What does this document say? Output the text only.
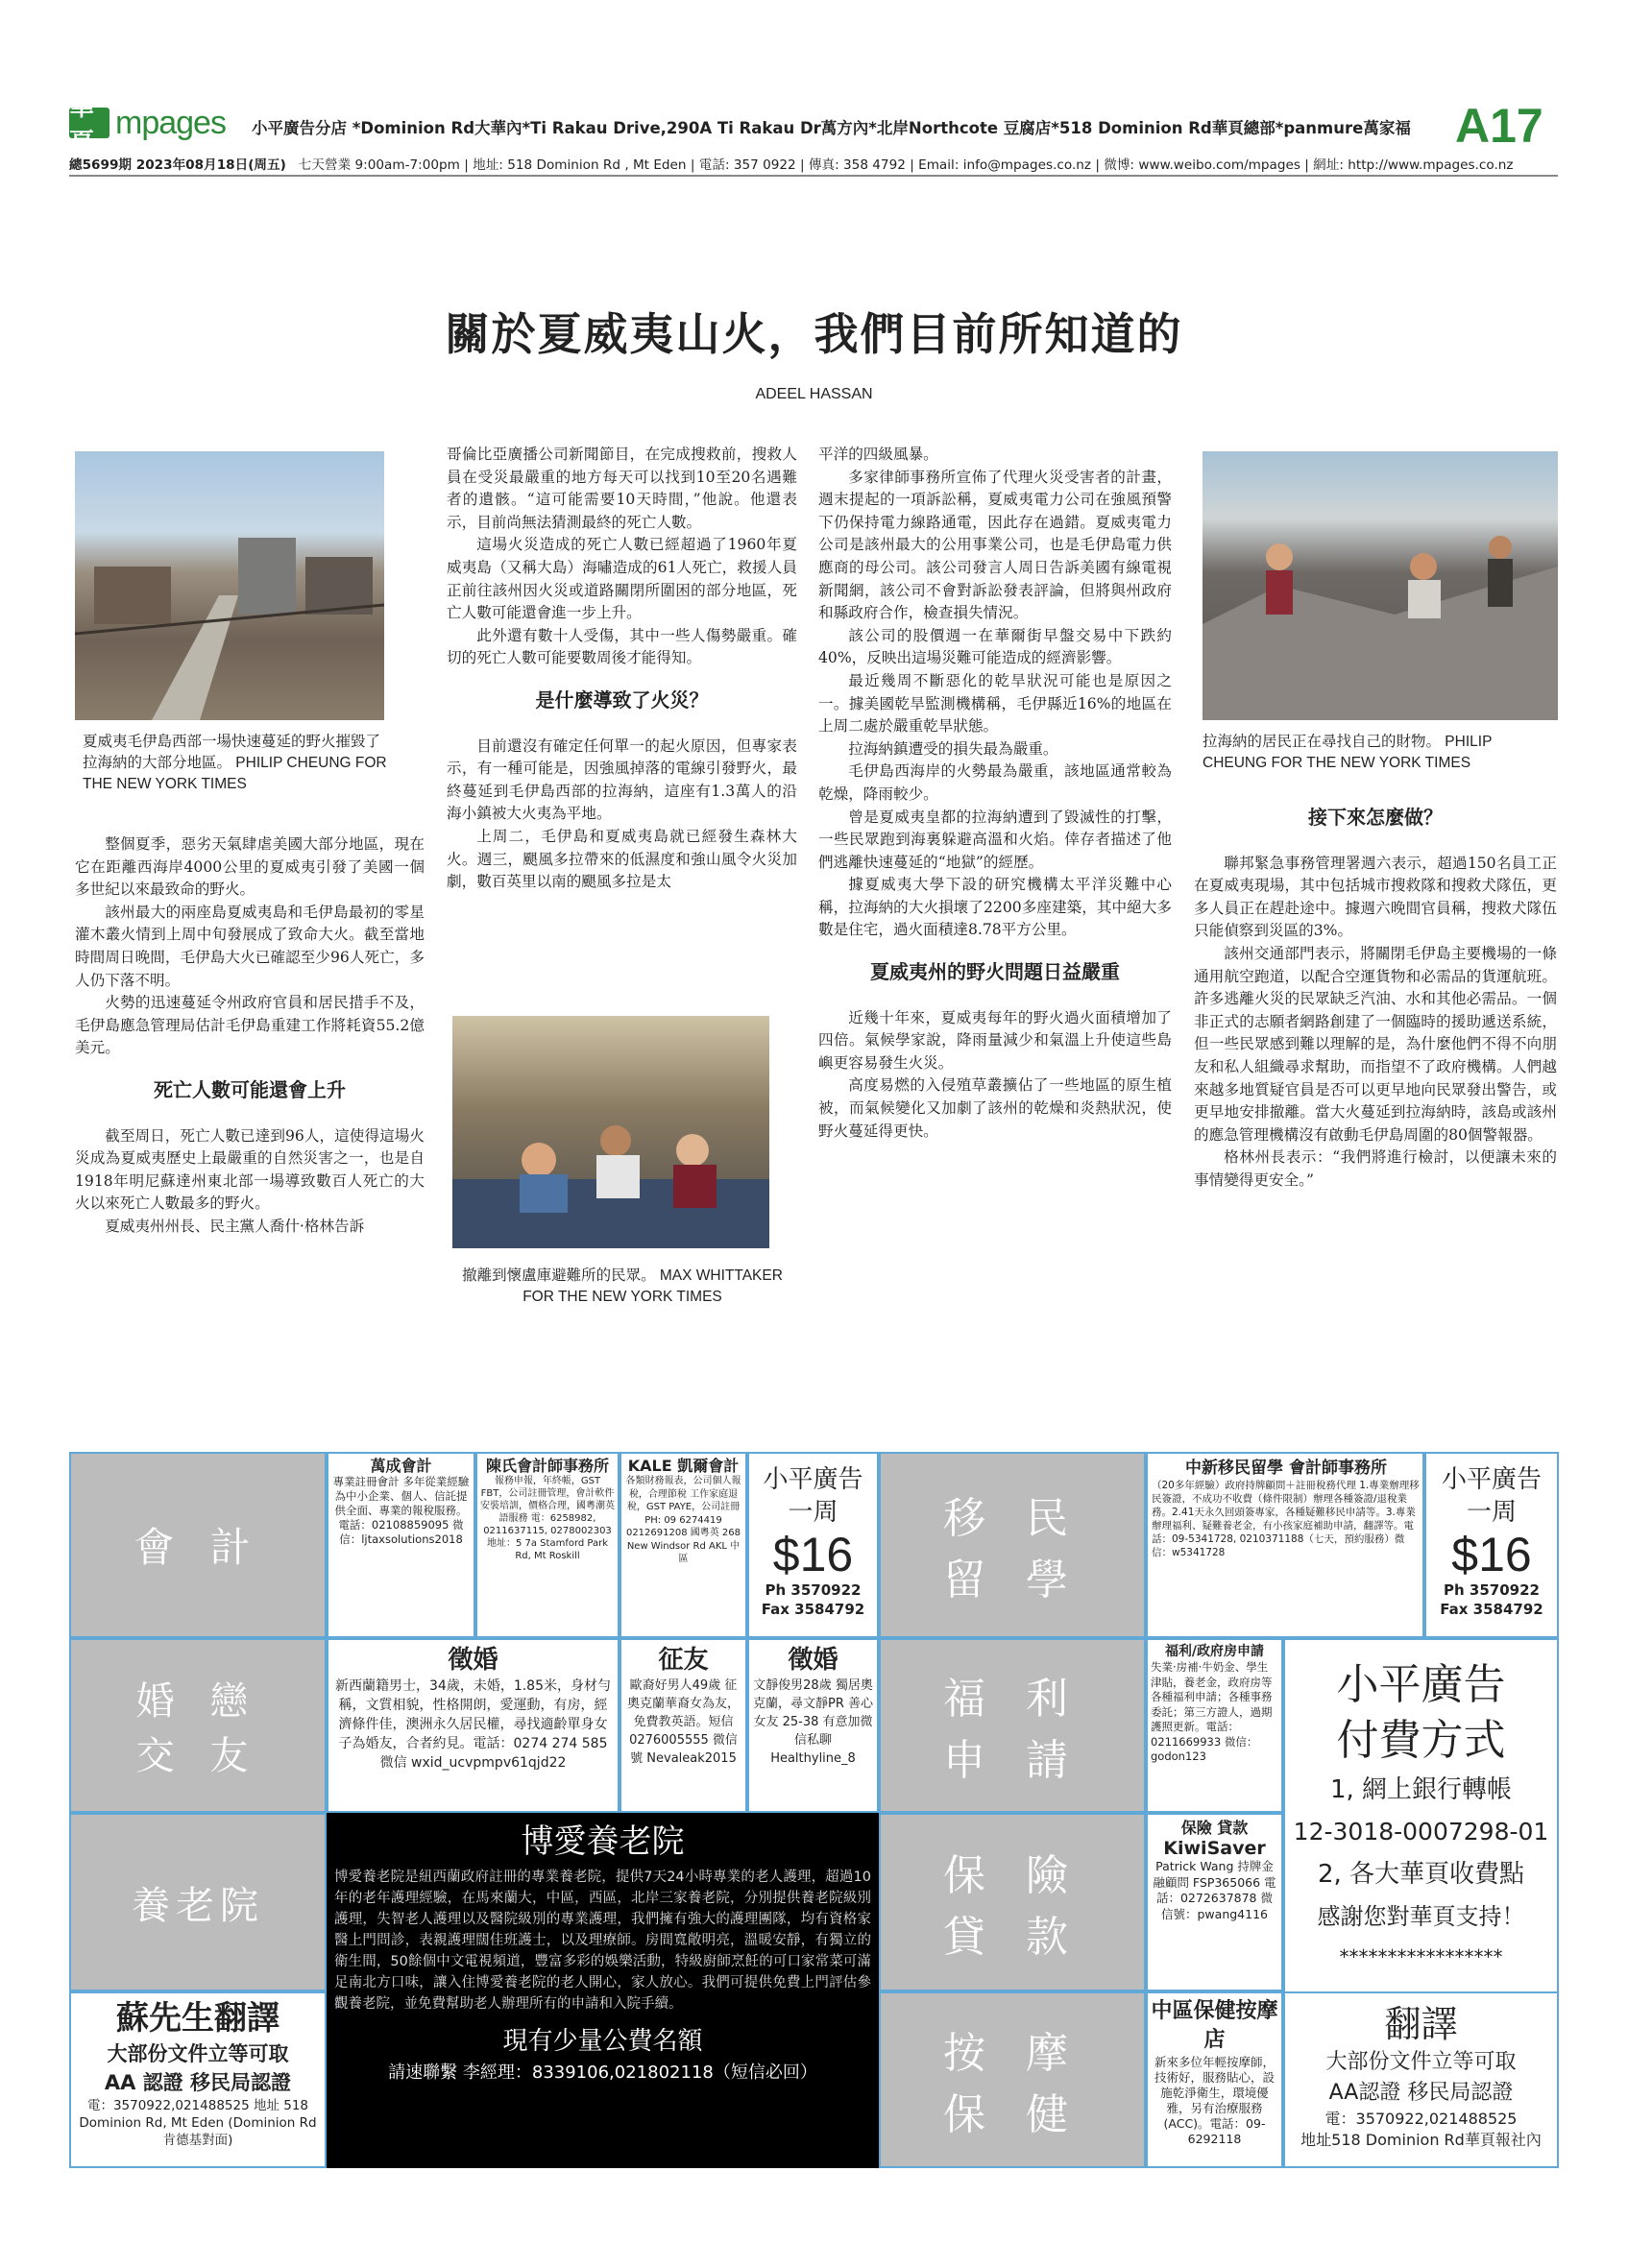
華頁
mpages 小平廣告分店 *Dominion Rd大華內*Ti Rakau Drive,290A Ti Rakau Dr萬方內*北岸Northcote 豆腐店*518 Dominion Rd華頁總部*panmure萬家福 A17
總5699期 2023年08月18日(周五) 七天營業 9:00am-7:00pm | 地址: 518 Dominion Rd , Mt Eden | 電話: 357 0922 | 傳真: 358 4792 | Email: info@mpages.co.nz | 微博: www.weibo.com/mpages | 網址: http://www.mpages.co.nz
關於夏威夷山火，我們目前所知道的
ADEEL HASSAN
夏威夷毛伊島西部一場快速蔓延的野火摧毀了拉海納的大部分地區。 PHILIP CHEUNG FOR THE NEW YORK TIMES
撤離到懷盧庫避難所的民眾。 MAX WHITTAKER FOR THE NEW YORK TIMES
拉海納的居民正在尋找自己的財物。 PHILIP CHEUNG FOR THE NEW YORK TIMES

整個夏季，惡劣天氣肆虐美國大部分地區，現在它在距離西海岸4000公里的夏威夷引發了美國一個多世紀以來最致命的野火。

該州最大的兩座島夏威夷島和毛伊島最初的零星灌木叢火情到上周中旬發展成了致命大火。截至當地時間周日晚間，毛伊島大火已確認至少96人死亡，多人仍下落不明。

火勢的迅速蔓延令州政府官員和居民措手不及，毛伊島應急管理局估計毛伊島重建工作將耗資55.2億美元。

死亡人數可能還會上升

截至周日，死亡人數已達到96人，這使得這場火災成為夏威夷歷史上最嚴重的自然災害之一，也是自1918年明尼蘇達州東北部一場導致數百人死亡的大火以來死亡人數最多的野火。

夏威夷州州長、民主黨人喬什·格林告訴

哥倫比亞廣播公司新聞節目，在完成搜救前，搜救人員在受災最嚴重的地方每天可以找到10至20名遇難者的遺骸。“這可能需要10天時間，”他說。他還表示，目前尚無法猜測最終的死亡人數。

這場火災造成的死亡人數已經超過了1960年夏威夷島（又稱大島）海嘯造成的61人死亡，救援人員正前往該州因火災或道路關閉所圍困的部分地區，死亡人數可能還會進一步上升。

此外還有數十人受傷，其中一些人傷勢嚴重。確切的死亡人數可能要數周後才能得知。

是什麼導致了火災？

目前還沒有確定任何單一的起火原因，但專家表示，有一種可能是，因強風掉落的電線引發野火，最終蔓延到毛伊島西部的拉海納，這座有1.3萬人的沿海小鎮被大火夷為平地。

上周二，毛伊島和夏威夷島就已經發生森林大火。週三，颶風多拉帶來的低濕度和強山風令火災加劇，數百英里以南的颶風多拉是太

平洋的四級風暴。

多家律師事務所宣佈了代理火災受害者的計畫，週末提起的一項訴訟稱，夏威夷電力公司在強風預警下仍保持電力線路通電，因此存在過錯。夏威夷電力公司是該州最大的公用事業公司，也是毛伊島電力供應商的母公司。該公司發言人周日告訴美國有線電視新聞網，該公司不會對訴訟發表評論，但將與州政府和縣政府合作，檢查損失情況。

該公司的股價週一在華爾街早盤交易中下跌約40%，反映出這場災難可能造成的經濟影響。

最近幾周不斷惡化的乾旱狀況可能也是原因之一。據美國乾旱監測機構稱，毛伊縣近16%的地區在上周二處於嚴重乾旱狀態。

拉海納鎮遭受的損失最為嚴重。

毛伊島西海岸的火勢最為嚴重，該地區通常較為乾燥，降雨較少。

曾是夏威夷皇都的拉海納遭到了毀滅性的打擊，一些民眾跑到海裏躲避高溫和火焰。倖存者描述了他們逃離快速蔓延的“地獄”的經歷。

據夏威夷大學下設的研究機構太平洋災難中心稱，拉海納的大火損壞了2200多座建築，其中絕大多數是住宅，過火面積達8.78平方公里。

夏威夷州的野火問題日益嚴重

近幾十年來，夏威夷每年的野火過火面積增加了四倍。氣候學家說，降雨量減少和氣溫上升使這些島嶼更容易發生火災。

高度易燃的入侵殖草叢擴佔了一些地區的原生植被，而氣候變化又加劇了該州的乾燥和炎熱狀況，使野火蔓延得更快。

接下來怎麼做？

聯邦緊急事務管理署週六表示，超過150名員工正在夏威夷現場，其中包括城市搜救隊和搜救犬隊伍，更多人員正在趕赴途中。據週六晚間官員稱，搜救犬隊伍只能偵察到災區的3%。

該州交通部門表示，將關閉毛伊島主要機場的一條通用航空跑道，以配合空運貨物和必需品的貨運航班。許多逃離火災的民眾缺乏汽油、水和其他必需品。一個非正式的志願者網路創建了一個臨時的援助遞送系統，但一些民眾感到難以理解的是，為什麼他們不得不向朋友和私人組織尋求幫助，而指望不了政府機構。人們越來越多地質疑官員是否可以更早地向民眾發出警告，或更早地安排撤離。當大火蔓延到拉海納時，該島或該州的應急管理機構沒有啟動毛伊島周圍的80個警報器。

格林州長表示：“我們將進行檢討，以便讓未來的事情變得更安全。”

會 計
萬成會計
專業註冊會計 多年從業經驗 為中小企業、個人、信託提供全面、專業的報稅服務。電話：02108859095 微 信：ljtaxsolutions2018
陳氏會計師事務所
報務申報，年終帳，GST FBT，公司註冊管理，會計軟件安裝培訓，價格合理，國粵潮英語服務 電：6258982, 0211637115, 0278002303 地址：5 7a Stamford Park Rd, Mt Roskill
KALE 凱爾會計
各類財務報表，公司個人報稅，合理節稅 工作家庭退稅，GST PAYE，公司註冊 PH: 09 6274419 0212691208 國粵英 268 New Windsor Rd AKL 中區
小平廣告
一周
$16
Ph 3570922
Fax 3584792
移 民
留 學
中新移民留學 會計師事務所
（20多年經驗）政府持牌顧問＋註冊稅務代理 1.專業辦理移民簽證，不成功不收費（條件限制）辦理各種簽證/退稅業務。2.41天永久回頭簽專家，各種疑難移民申請等。3.專業辦理福利、疑難養老金，有小孩家庭補助申請，翻譯等。電話：09-5341728, 0210371188（七天，預約服務）微信：w5341728
小平廣告
一周
$16
Ph 3570922
Fax 3584792
婚 戀
交 友
徵婚
新西蘭籍男士，34歲，未婚，1.85米，身材勻稱，文質相貌，性格開朗，愛運動，有房，經濟條件佳，澳洲永久居民權，尋找適齡單身女子為婚友，合者約見。電話：0274 274 585 微信 wxid_ucvpmpv61qjd22
征友
歐裔好男人49歲 征奧克蘭華裔女為友，免費教英語。短信 0276005555 微信號 Nevaleak2015
徵婚
文靜俊男28歲 獨居奧克蘭，尋文靜PR 善心女友 25-38 有意加微信私聊 Healthyline_8
福 利
申 請
福利/政府房申請
失業·房補·牛奶金、學生津貼，養老金，政府房等各種福利申請；各種事務委託；第三方證人，過期護照更新。電話：0211669933 微信：godon123
小平廣告
付費方式
1, 網上銀行轉帳
12-3018-0007298-01
2, 各大華頁收費點
感謝您對華頁支持！
*****************
養老院
博愛養老院
博愛養老院是紐西蘭政府註冊的專業養老院，提供7天24小時專業的老人護理，超過10年的老年護理經驗，在馬來蘭大，中區，西區，北岸三家養老院，分別提供養老院級別護理，失智老人護理以及醫院級別的專業護理，我們擁有強大的護理團隊，均有資格家醫上門問診，表親護理闊佳班護士，以及理療師。房間寬敞明亮，溫暖安靜，有獨立的衛生間，50餘個中文電視頻道，豐富多彩的娛樂活動，特級廚師烹飪的可口家常菜可滿足南北方口味，讓入住博愛養老院的老人開心，家人放心。我們可提供免費上門評估參觀養老院，並免費幫助老人辦理所有的申請和入院手續。
現有少量公費名額
請速聯繫 李經理：8339106,021802118（短信必回）
保 險
貸 款
保險 貸款
KiwiSaver
Patrick Wang 持牌金融顧問 FSP365066 電話：0272637878 微信號：pwang4116
蘇先生翻譯
大部份文件立等可取
AA 認證 移民局認證
電：3570922,021488525 地址 518 Dominion Rd, Mt Eden (Dominion Rd 肯德基對面)
按 摩
保 健
中區保健按摩店
新來多位年輕按摩師，技術好，服務貼心，設施乾淨衛生，環境優雅，另有治療服務(ACC)。電話：09-6292118
翻譯
大部份文件立等可取
AA認證 移民局認證
電：3570922,021488525
地址518 Dominion Rd華頁報社內
